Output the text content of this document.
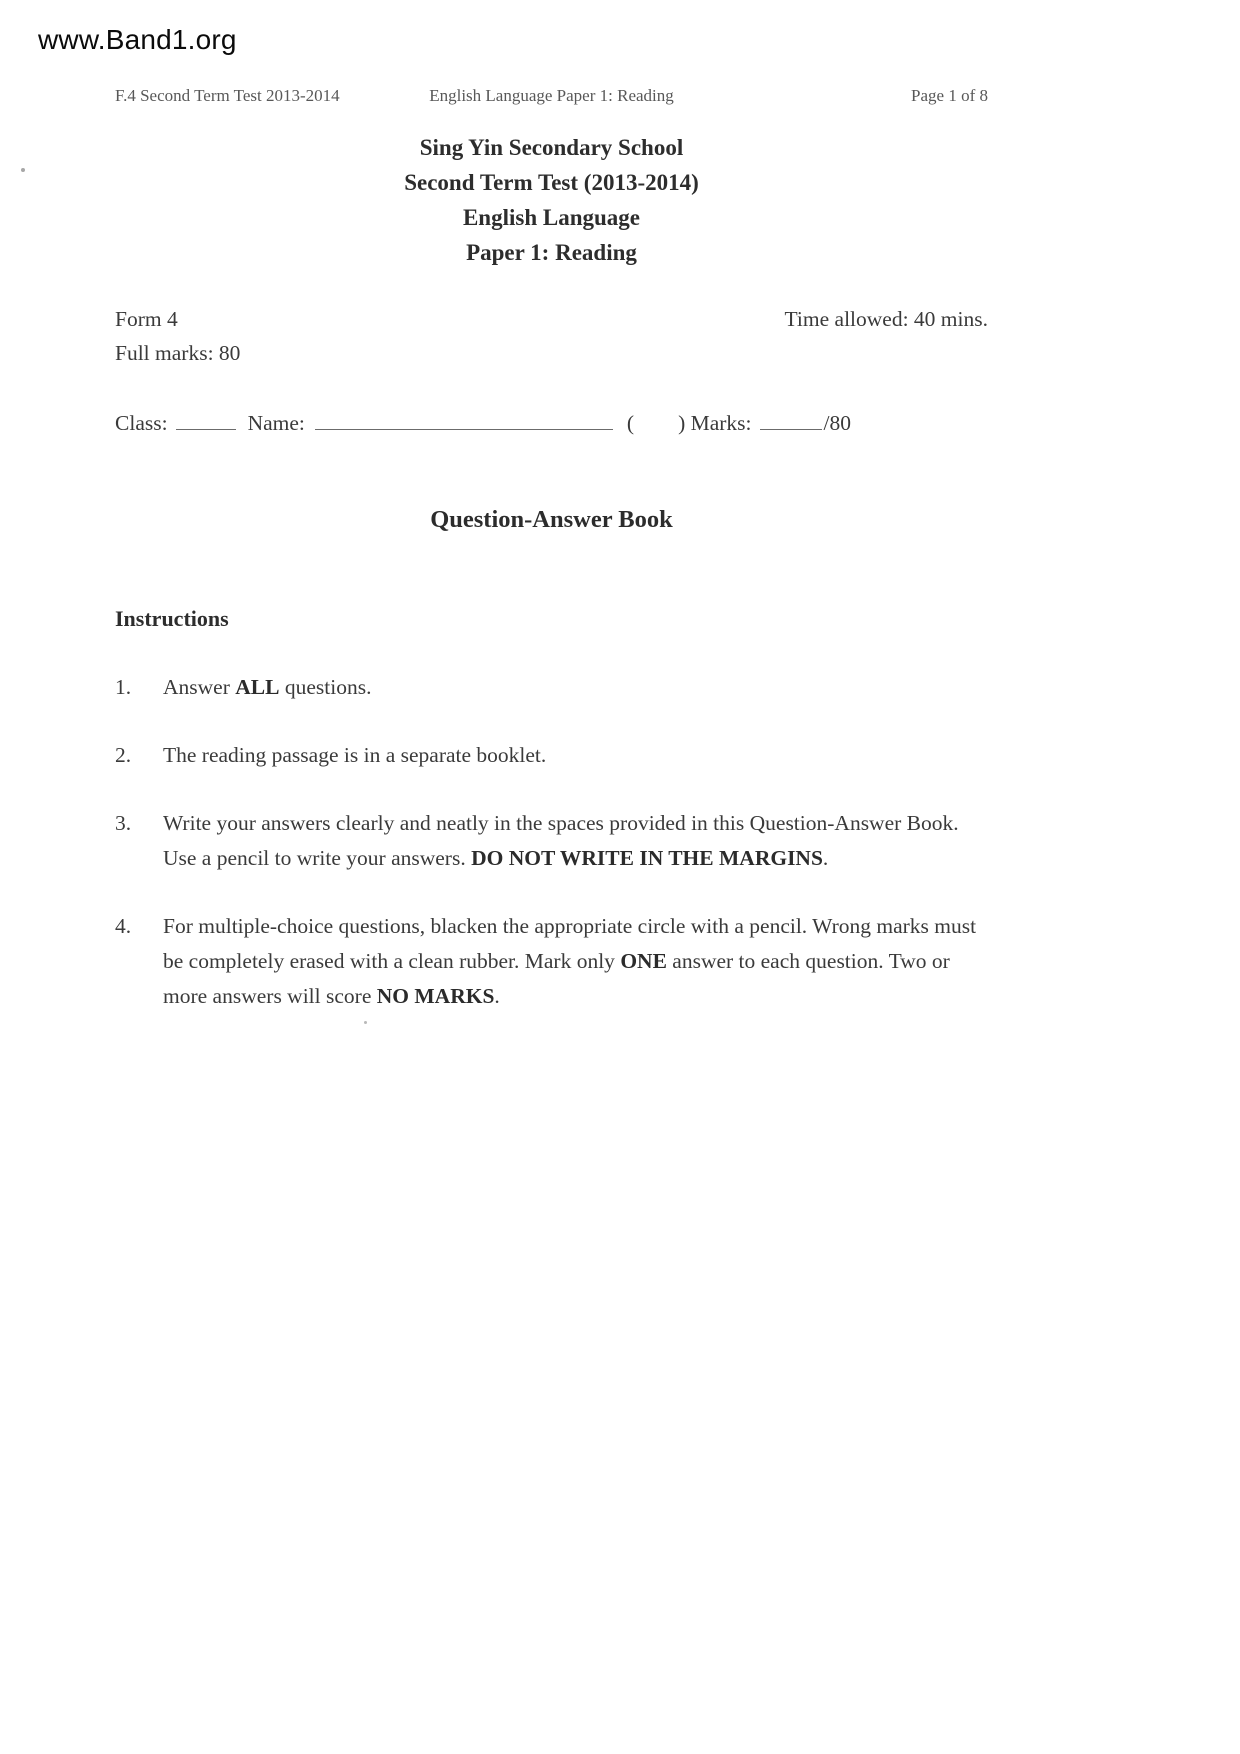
www.Band1.org
F.4 Second Term Test 2013-2014	English Language Paper 1: Reading	Page 1 of 8
Sing Yin Secondary School
Second Term Test (2013-2014)
English Language
Paper 1: Reading
Form 4	Time allowed: 40 mins.
Full marks: 80
Class:	Name:	( ) Marks:	/80
Question-Answer Book
Instructions
1.	Answer ALL questions.
2.	The reading passage is in a separate booklet.
3.	Write your answers clearly and neatly in the spaces provided in this Question-Answer Book. Use a pencil to write your answers. DO NOT WRITE IN THE MARGINS.
4.	For multiple-choice questions, blacken the appropriate circle with a pencil. Wrong marks must be completely erased with a clean rubber. Mark only ONE answer to each question. Two or more answers will score NO MARKS.
